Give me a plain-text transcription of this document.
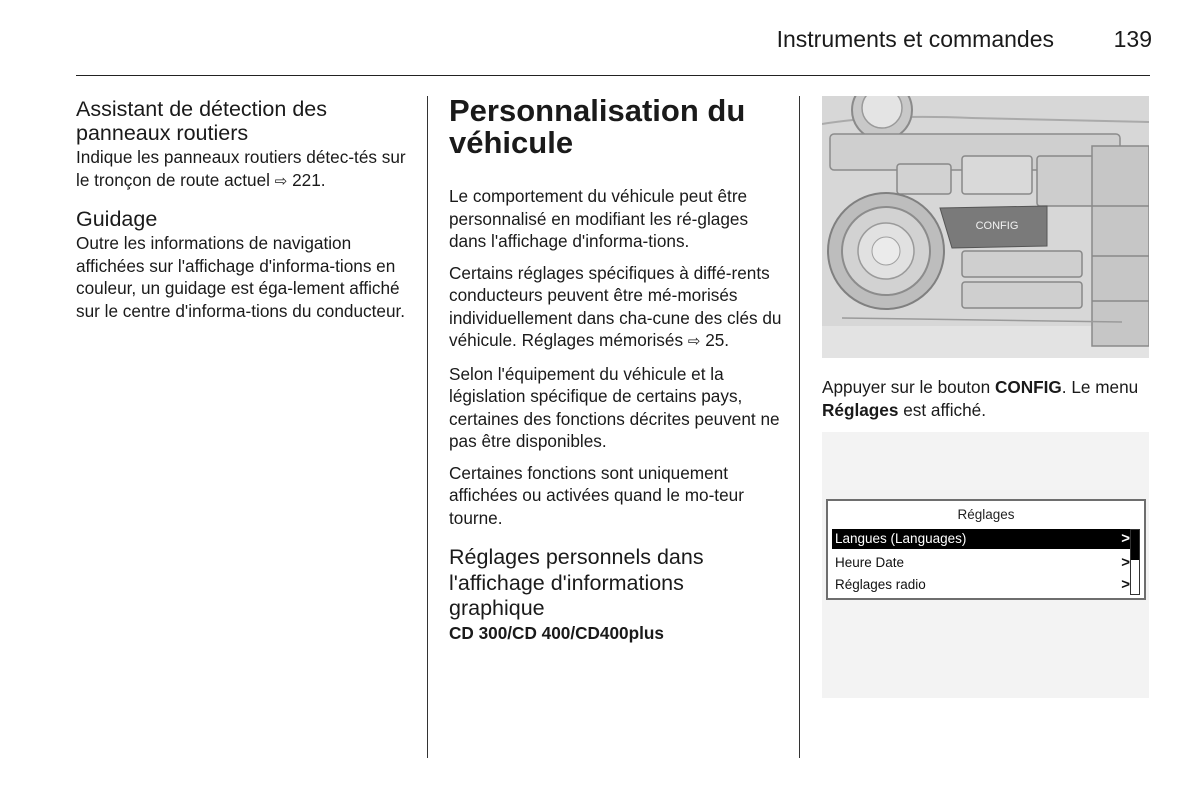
Instruments et commandes	139

Assistant de détection des panneaux routiers

Indique les panneaux routiers détec-tés sur le tronçon de route actuel ⇨ 221.

Guidage

Outre les informations de navigation affichées sur l'affichage d'informa-tions en couleur, un guidage est éga-lement affiché sur le centre d'informa-tions du conducteur.

Personnalisation du véhicule

Le comportement du véhicule peut être personnalisé en modifiant les ré-glages dans l'affichage d'informa-tions.

Certains réglages spécifiques à diffé-rents conducteurs peuvent être mé-morisés individuellement dans cha-cune des clés du véhicule. Réglages mémorisés ⇨ 25.

Selon l'équipement du véhicule et la législation spécifique de certains pays, certaines des fonctions décrites peuvent ne pas être disponibles.

Certaines fonctions sont uniquement affichées ou activées quand le mo-teur tourne.

Réglages personnels dans l'affichage d'informations graphique

CD 300/CD 400/CD400plus

CONFIG

Appuyer sur le bouton CONFIG. Le menu Réglages est affiché.

Réglages
Langues (Languages)	>
Heure Date	>
Réglages radio	>
